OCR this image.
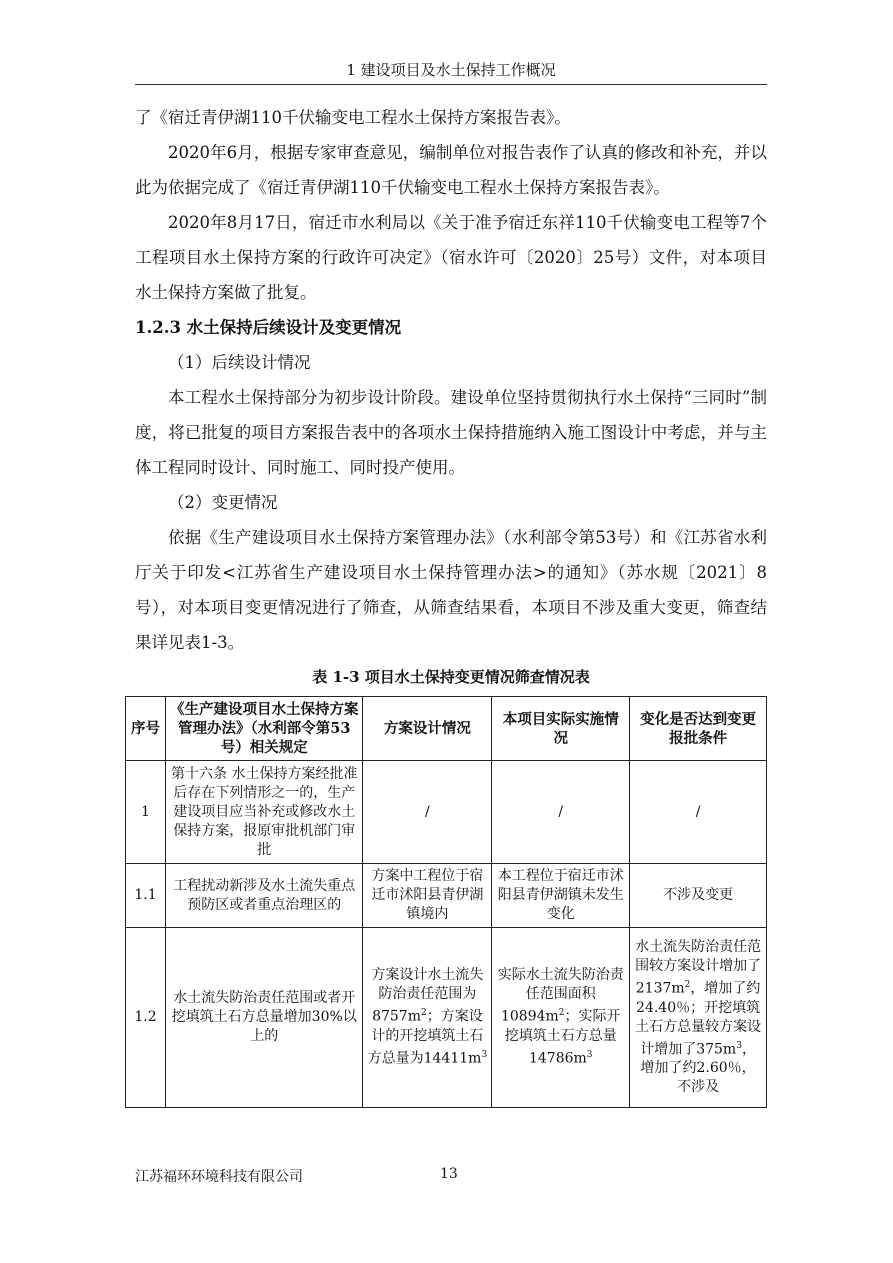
1 建设项目及水土保持工作概况

了《宿迁青伊湖110千伏输变电工程水土保持方案报告表》。

2020年6月，根据专家审查意见，编制单位对报告表作了认真的修改和补充，并以此为依据完成了《宿迁青伊湖110千伏输变电工程水土保持方案报告表》。

2020年8月17日，宿迁市水利局以《关于准予宿迁东祥110千伏输变电工程等7个工程项目水土保持方案的行政许可决定》（宿水许可〔2020〕25号）文件，对本项目水土保持方案做了批复。

1.2.3 水土保持后续设计及变更情况

（1）后续设计情况

本工程水土保持部分为初步设计阶段。建设单位坚持贯彻执行水土保持“三同时”制度，将已批复的项目方案报告表中的各项水土保持措施纳入施工图设计中考虑，并与主体工程同时设计、同时施工、同时投产使用。

（2）变更情况

依据《生产建设项目水土保持方案管理办法》（水利部令第53号）和《江苏省水利厅关于印发<江苏省生产建设项目水土保持管理办法>的通知》（苏水规〔2021〕8号），对本项目变更情况进行了筛查，从筛查结果看，本项目不涉及重大变更，筛查结果详见表1-3。

表 1-3 项目水土保持变更情况筛查情况表
序号	《生产建设项目水土保持方案管理办法》（水利部令第53号）相关规定	方案设计情况	本项目实际实施情况	变化是否达到变更报批条件
1	第十六条 水土保持方案经批准后存在下列情形之一的，生产建设项目应当补充或修改水土保持方案，报原审批机部门审批	/	/	/
1.1	工程扰动新涉及水土流失重点预防区或者重点治理区的	方案中工程位于宿迁市沭阳县青伊湖镇境内	本工程位于宿迁市沭阳县青伊湖镇未发生变化	不涉及变更
1.2	水土流失防治责任范围或者开挖填筑土石方总量增加30%以上的	方案设计水土流失防治责任范围为$8757m^2$；方案设计的开挖填筑土石方总量为$14411m^3$	实际水土流失防治责任范围面积$10894m^2$；实际开挖填筑土石方总量$14786m^3$	水土流失防治责任范围较方案设计增加了$2137m^2$，增加了约24.40％；开挖填筑土石方总量较方案设计增加了$375m^3$，增加了约2.60％，不涉及
江苏福环环境科技有限公司	13
